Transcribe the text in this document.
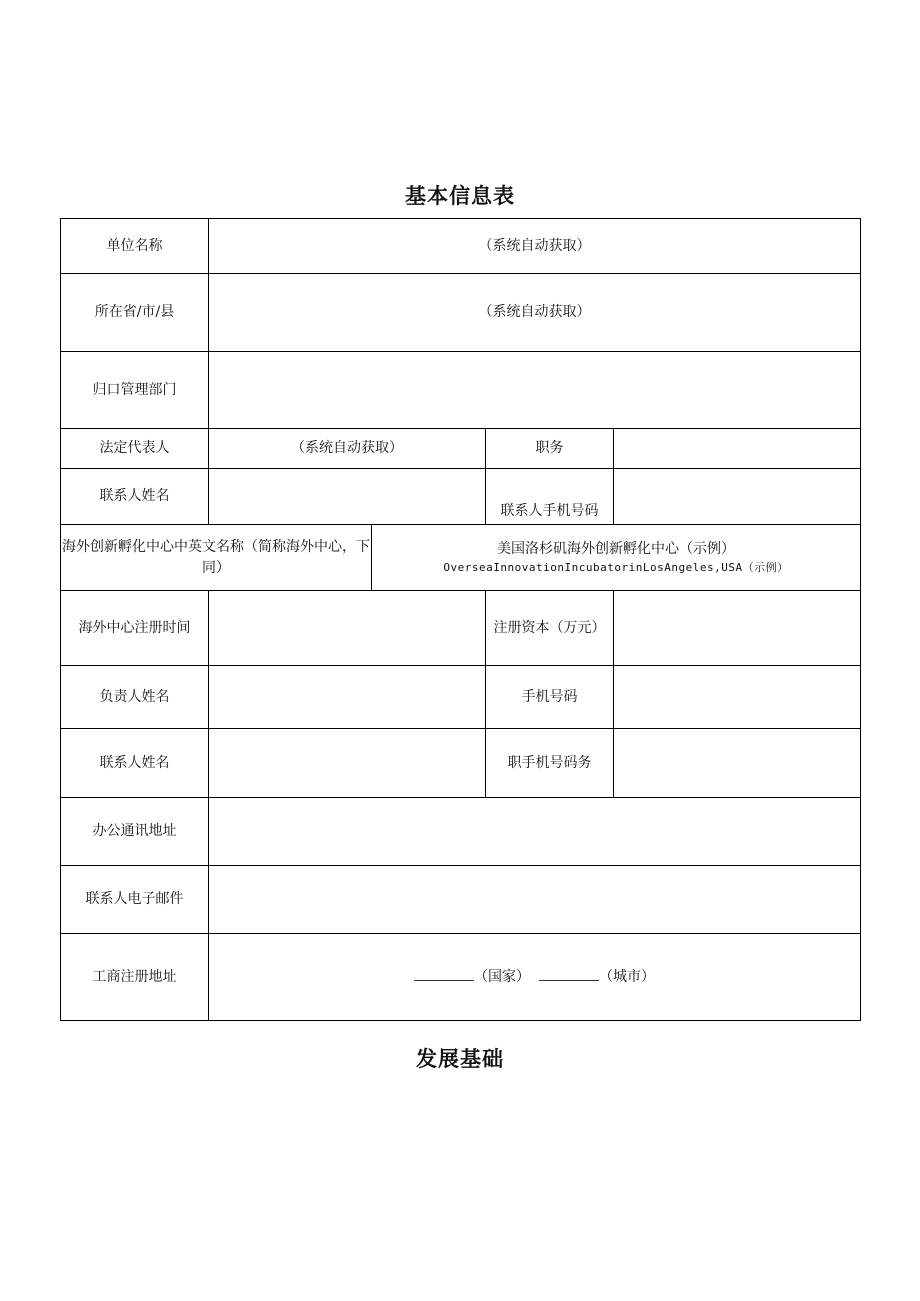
基本信息表
单位名称	（系统自动获取）			
所在省/市/县	（系统自动获取）			
归口管理部门				
法定代表人	（系统自动获取）		职务	
联系人姓名			联系人手机号码	
海外创新孵化中心中英文名称（简称海外中心，下同）		美国洛杉矶海外创新孵化中心（示例）
OverseaInnovationIncubatorinLosAngeles,USA（示例）		

海外中心注册时间			注册资本（万元）	
负责人姓名			手机号码	
联系人姓名			职手机号码务	
办公通讯地址				
联系人电子邮件				
工商注册地址	（国家） （城市）			
发展基础
